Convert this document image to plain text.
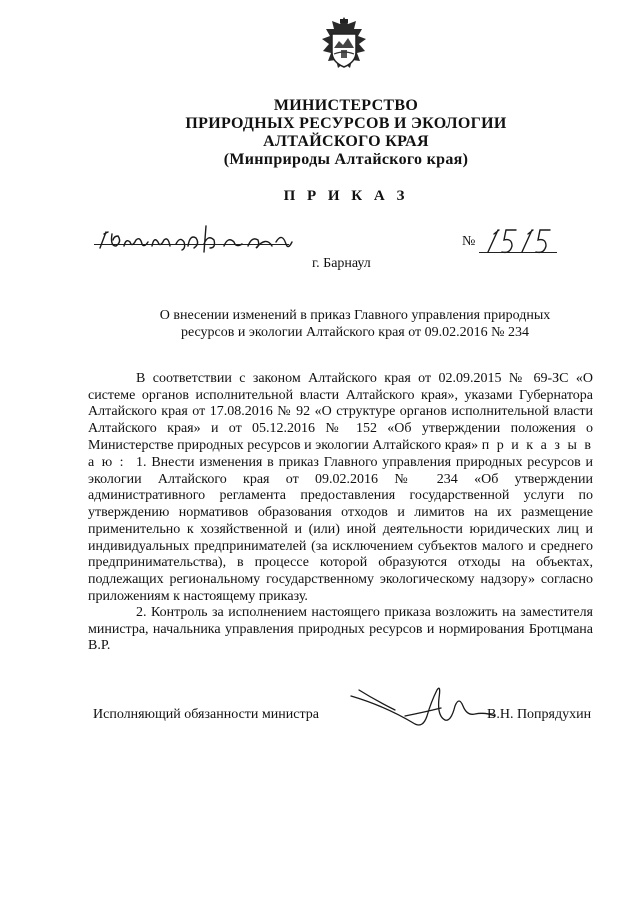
МИНИСТЕРСТВО
ПРИРОДНЫХ РЕСУРСОВ И ЭКОЛОГИИ
АЛТАЙСКОГО КРАЯ
(Минприроды Алтайского края)
П Р И К А З
№
г. Барнаул
О внесении изменений в приказ Главного управления природных
ресурсов и экологии Алтайского края от 09.02.2016 № 234

В соответствии с законом Алтайского края от 02.09.2015 № 69-ЗС «О системе органов исполнительной власти Алтайского края», указами Губернатора Алтайского края от 17.08.2016 № 92 «О структуре органов исполнительной власти Алтайского края» и от 05.12.2016 № 152 «Об утверждении положения о Министерстве природных ресурсов и экологии Алтайского края» п р и к а з ы в а ю : 1. Внести изменения в приказ Главного управления природных ресурсов и экологии Алтайского края от 09.02.2016 № 234 «Об утверждении административного регламента предоставления государственной услуги по утверждению нормативов образования отходов и лимитов на их размещение применительно к хозяйственной и (или) иной деятельности юридических лиц и индивидуальных предпринимателей (за исключением субъектов малого и среднего предпринимательства), в процессе которой образуются отходы на объектах, подлежащих региональному государственному экологическому надзору» согласно приложениям к настоящему приказу.

2. Контроль за исполнением настоящего приказа возложить на заместителя министра, начальника управления природных ресурсов и нормирования Бротцмана В.Р.

Исполняющий обязанности министра	В.Н. Попрядухин
